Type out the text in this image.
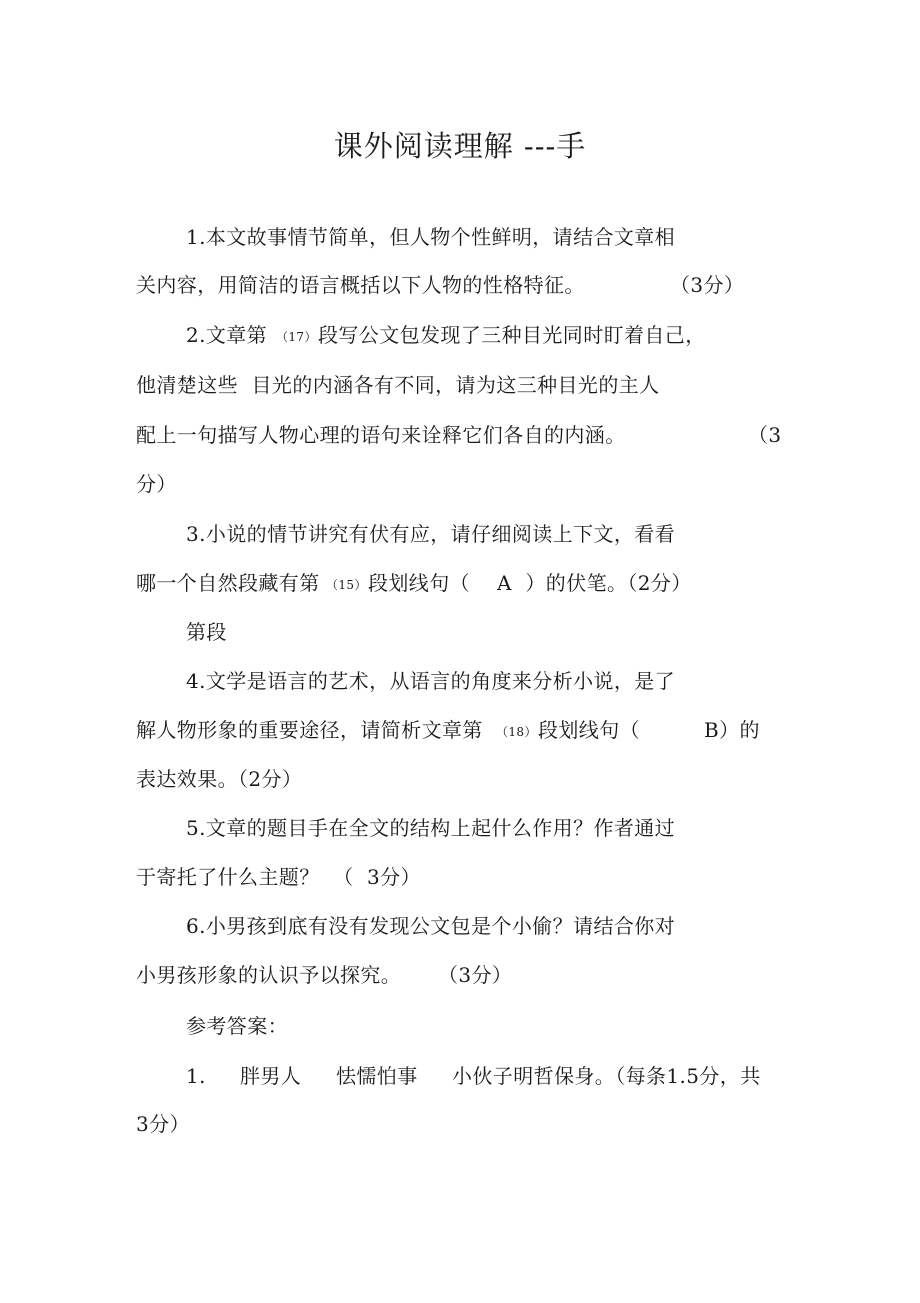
课外阅读理解 ---手
1.本文故事情节简单，但人物个性鲜明，请结合文章相
关内容，用简洁的语言概括以下人物的性格特征。	（3分）
2.文章第 （17） 段写公文包发现了三种目光同时盯着自己，
他清楚这些  目光的内涵各有不同，请为这三种目光的主人
配上一句描写人物心理的语句来诠释它们各自的内涵。	（3
分）
3.小说的情节讲究有伏有应，请仔细阅读上下文，看看
哪一个自然段藏有第 （15） 段划线句（    A  ）的伏笔。（2分）
第段
4.文学是语言的艺术，从语言的角度来分析小说，是了
解人物形象的重要途径，请简析文章第 （18） 段划线句（	B）的
表达效果。（2分）
5.文章的题目手在全文的结构上起什么作用？作者通过
于寄托了什么主题？  （  3分）
6.小男孩到底有没有发现公文包是个小偷？请结合你对
小男孩形象的认识予以探究。 （3分）
参考答案：
1. 胖男人 怯懦怕事 小伙子明哲保身。（每条1.5分，共
3分）
